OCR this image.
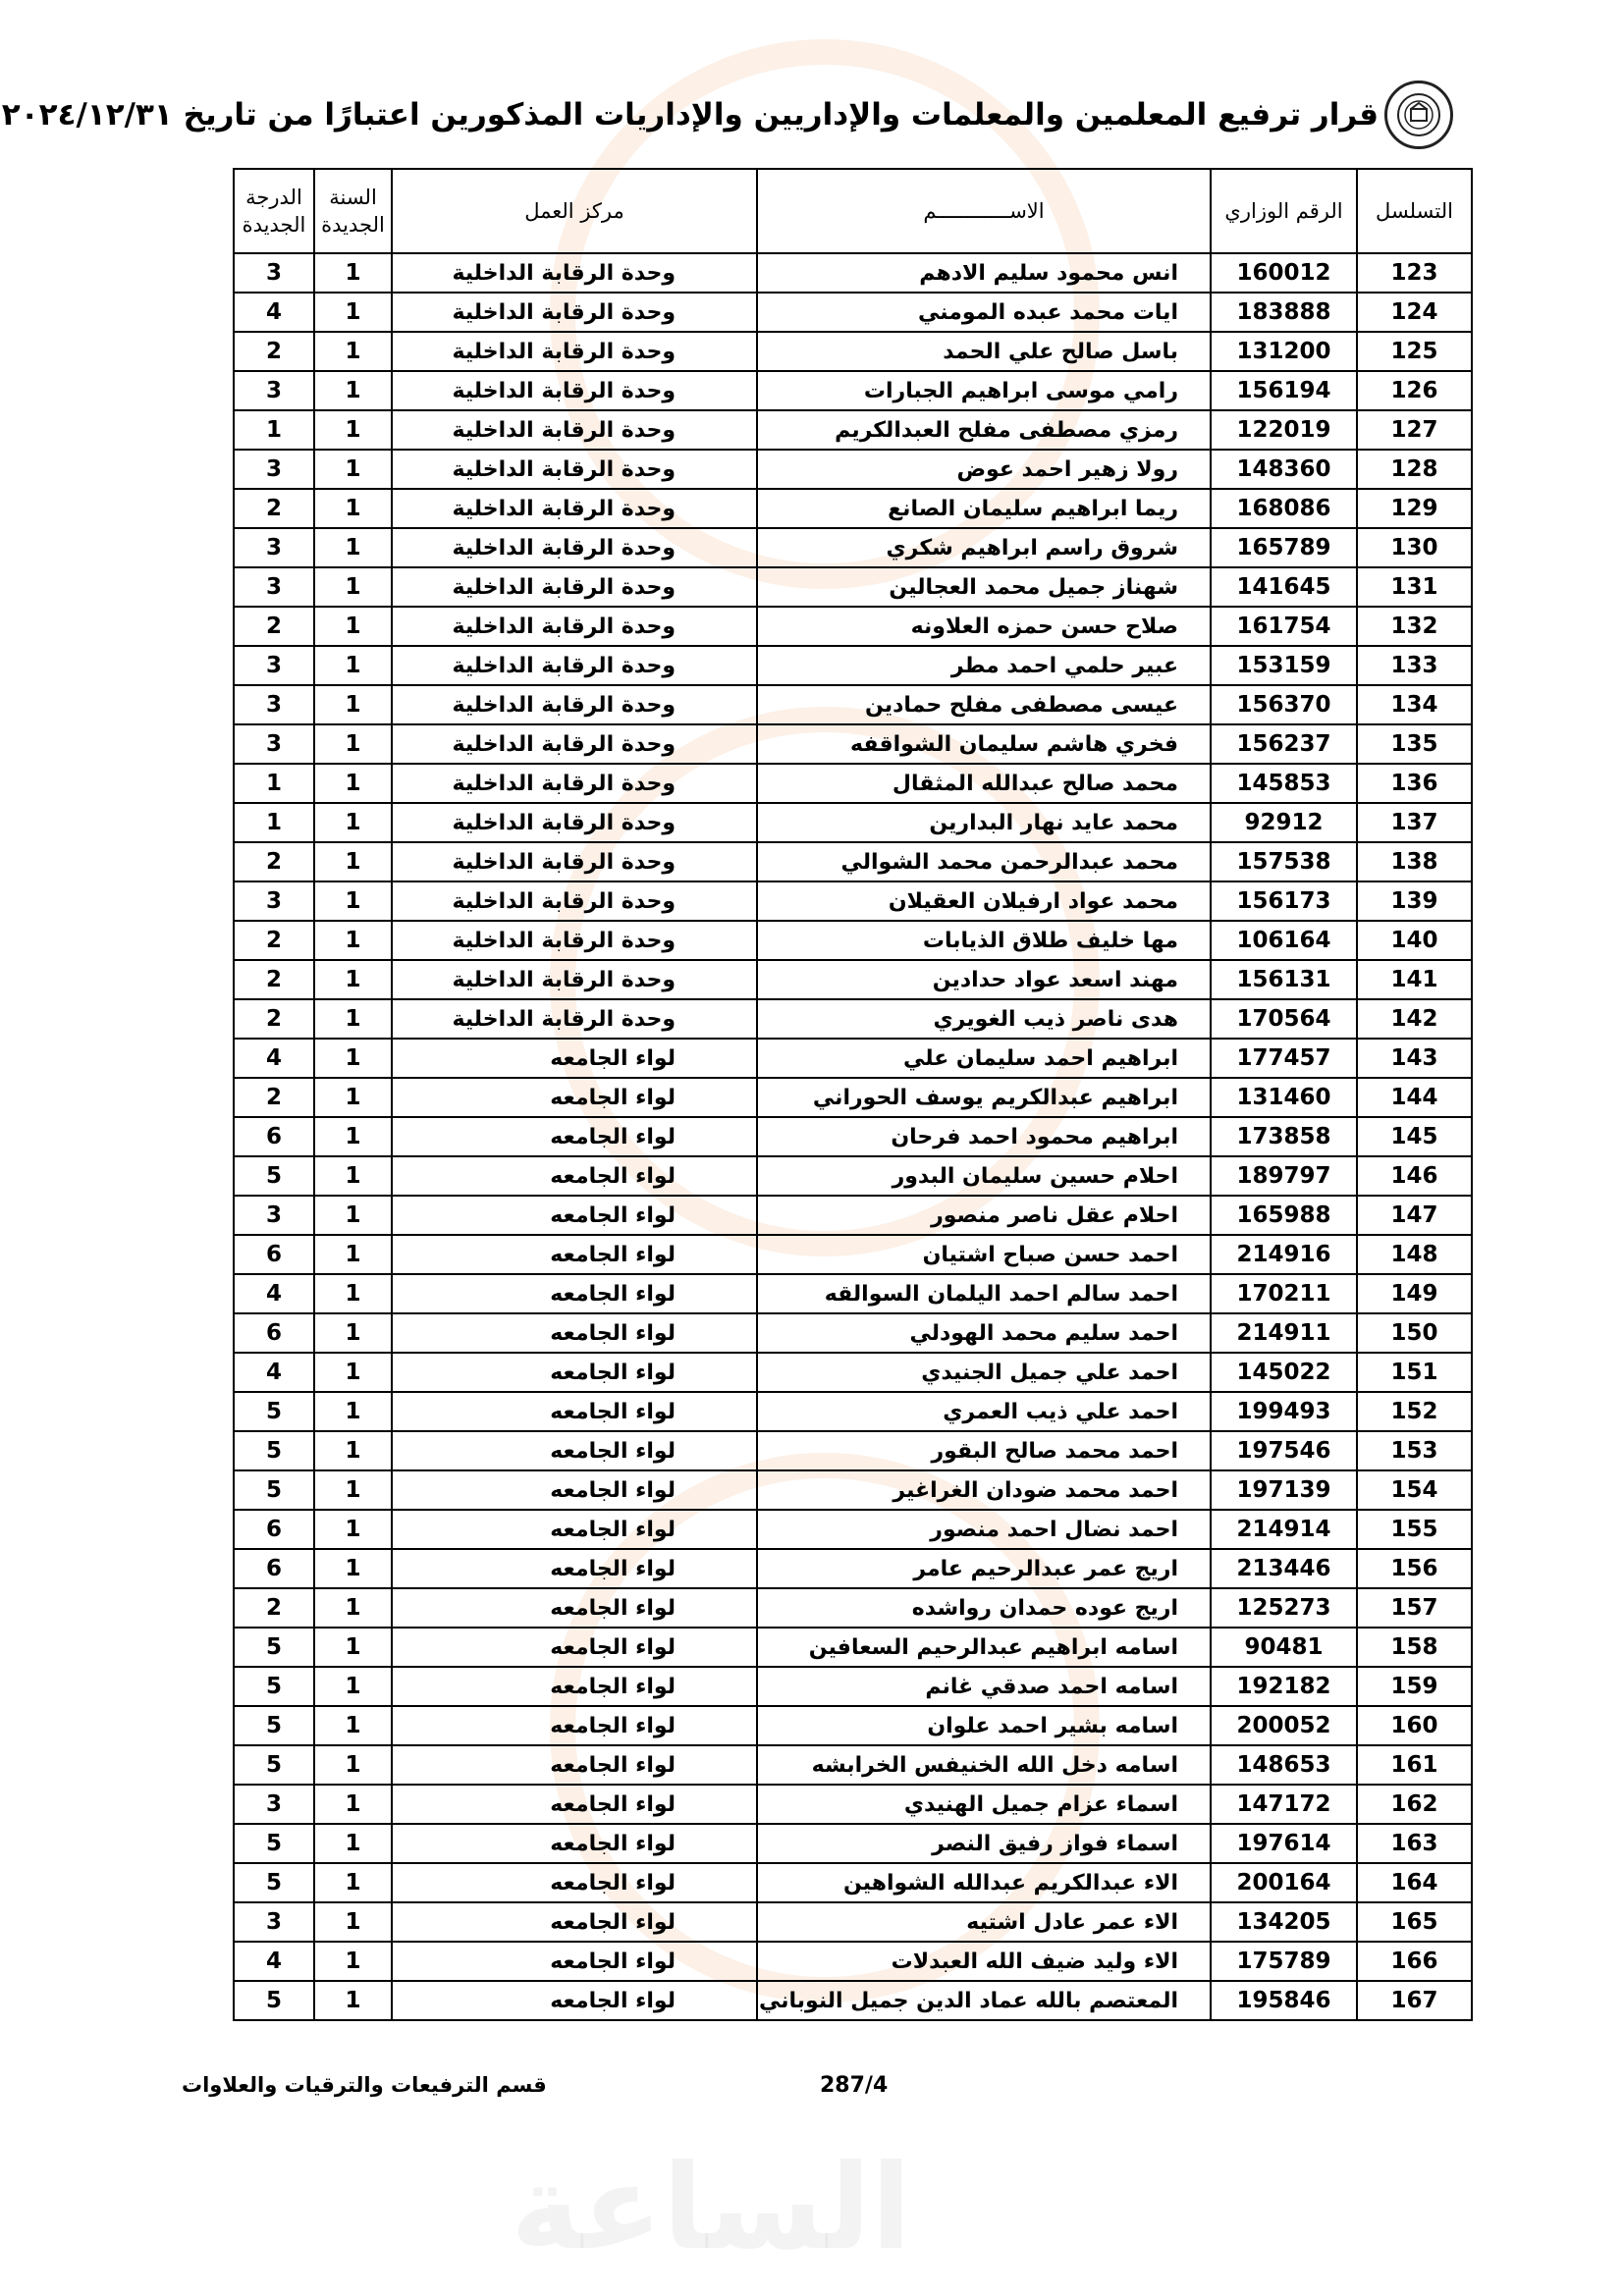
الساعة
قرار ترفيع المعلمين والمعلمات والإداريين والإداريات المذكورين اعتبارًا من تاريخ ٢٠٢٤/١٢/٣١
التسلسل	الرقم الوزاري	الاســــــــــــم	مركز العمل	السنة الجديدة	الدرجة الجديدة
123	160012	انس محمود سليم الادهم	وحدة الرقابة الداخلية	1	3
124	183888	ايات محمد عبده المومني	وحدة الرقابة الداخلية	1	4
125	131200	باسل صالح علي الحمد	وحدة الرقابة الداخلية	1	2
126	156194	رامي موسى ابراهيم الجبارات	وحدة الرقابة الداخلية	1	3
127	122019	رمزي مصطفى مفلح العبدالكريم	وحدة الرقابة الداخلية	1	1
128	148360	رولا زهير احمد عوض	وحدة الرقابة الداخلية	1	3
129	168086	ريما ابراهيم سليمان الصانع	وحدة الرقابة الداخلية	1	2
130	165789	شروق راسم ابراهيم شكري	وحدة الرقابة الداخلية	1	3
131	141645	شهناز جميل محمد العجالين	وحدة الرقابة الداخلية	1	3
132	161754	صلاح حسن حمزه العلاونه	وحدة الرقابة الداخلية	1	2
133	153159	عبير حلمي احمد مطر	وحدة الرقابة الداخلية	1	3
134	156370	عيسى مصطفى مفلح حمادين	وحدة الرقابة الداخلية	1	3
135	156237	فخري هاشم سليمان الشواقفه	وحدة الرقابة الداخلية	1	3
136	145853	محمد صالح عبدالله المثقال	وحدة الرقابة الداخلية	1	1
137	92912	محمد عايد نهار البدارين	وحدة الرقابة الداخلية	1	1
138	157538	محمد عبدالرحمن محمد الشوالي	وحدة الرقابة الداخلية	1	2
139	156173	محمد عواد ارفيلان العقيلان	وحدة الرقابة الداخلية	1	3
140	106164	مها خليف طلاق الذيابات	وحدة الرقابة الداخلية	1	2
141	156131	مهند اسعد عواد حدادين	وحدة الرقابة الداخلية	1	2
142	170564	هدى ناصر ذيب الغويري	وحدة الرقابة الداخلية	1	2
143	177457	ابراهيم احمد سليمان علي	لواء الجامعه	1	4
144	131460	ابراهيم عبدالكريم يوسف الحوراني	لواء الجامعه	1	2
145	173858	ابراهيم محمود احمد فرحان	لواء الجامعه	1	6
146	189797	احلام حسين سليمان البدور	لواء الجامعه	1	5
147	165988	احلام عقل ناصر منصور	لواء الجامعه	1	3
148	214916	احمد حسن صباح اشتيان	لواء الجامعه	1	6
149	170211	احمد سالم احمد اليلمان السوالقه	لواء الجامعه	1	4
150	214911	احمد سليم محمد الهودلي	لواء الجامعه	1	6
151	145022	احمد علي جميل الجنيدي	لواء الجامعه	1	4
152	199493	احمد علي ذيب العمري	لواء الجامعه	1	5
153	197546	احمد محمد صالح البقور	لواء الجامعه	1	5
154	197139	احمد محمد ضودان الغراغير	لواء الجامعه	1	5
155	214914	احمد نضال احمد منصور	لواء الجامعه	1	6
156	213446	اريج عمر عبدالرحيم عامر	لواء الجامعه	1	6
157	125273	اريج عوده حمدان رواشده	لواء الجامعه	1	2
158	90481	اسامه ابراهيم عبدالرحيم السعافين	لواء الجامعه	1	5
159	192182	اسامه احمد صدقي غانم	لواء الجامعه	1	5
160	200052	اسامه بشير احمد علوان	لواء الجامعه	1	5
161	148653	اسامه دخل الله الخنيفس الخرابشه	لواء الجامعه	1	5
162	147172	اسماء عزام جميل الهنيدي	لواء الجامعه	1	3
163	197614	اسماء فواز رفيق النصر	لواء الجامعه	1	5
164	200164	الاء عبدالكريم عبدالله الشواهين	لواء الجامعه	1	5
165	134205	الاء عمر عادل اشتيه	لواء الجامعه	1	3
166	175789	الاء وليد ضيف الله العبدلات	لواء الجامعه	1	4
167	195846	المعتصم بالله عماد الدين جميل النوباني	لواء الجامعه	1	5
287/4
قسم الترفيعات والترقيات والعلاوات
